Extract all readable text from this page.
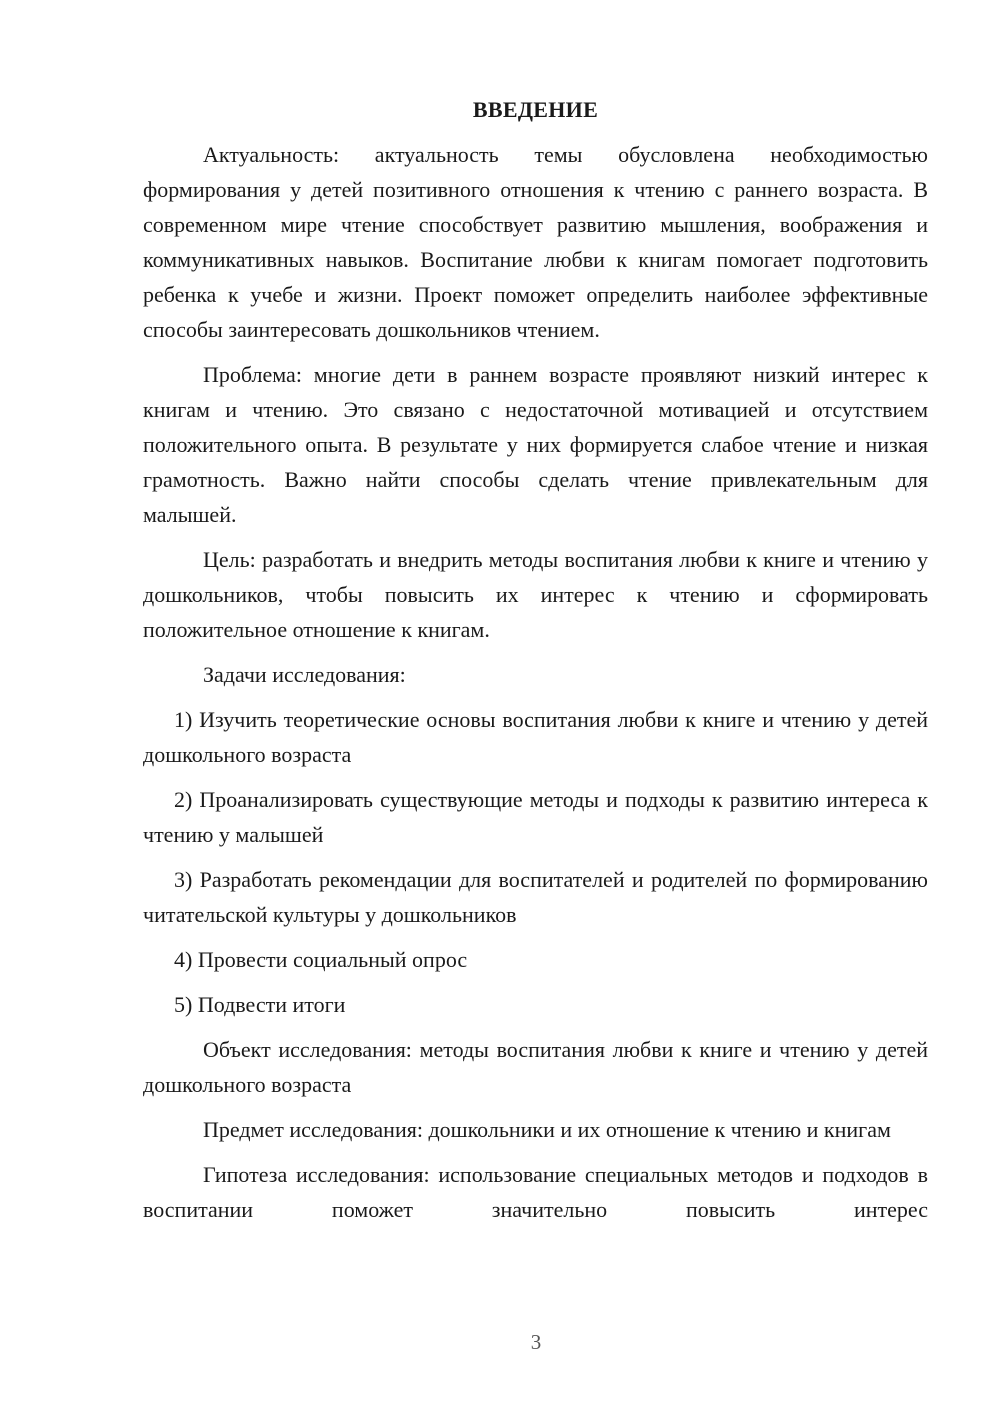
ВВЕДЕНИЕ

Актуальность: актуальность темы обусловлена необходимостью формирования у детей позитивного отношения к чтению с раннего возраста. В современном мире чтение способствует развитию мышления, воображения и коммуникативных навыков. Воспитание любви к книгам помогает подготовить ребенка к учебе и жизни. Проект поможет определить наиболее эффективные способы заинтересовать дошкольников чтением.

Проблема: многие дети в раннем возрасте проявляют низкий интерес к книгам и чтению. Это связано с недостаточной мотивацией и отсутствием положительного опыта. В результате у них формируется слабое чтение и низкая грамотность. Важно найти способы сделать чтение привлекательным для малышей.

Цель: разработать и внедрить методы воспитания любви к книге и чтению у дошкольников, чтобы повысить их интерес к чтению и сформировать положительное отношение к книгам.

Задачи исследования:

1) Изучить теоретические основы воспитания любви к книге и чтению у детей дошкольного возраста

2) Проанализировать существующие методы и подходы к развитию интереса к чтению у малышей

3) Разработать рекомендации для воспитателей и родителей по формированию читательской культуры у дошкольников

4) Провести социальный опрос

5) Подвести итоги

Объект исследования: методы воспитания любви к книге и чтению у детей дошкольного возраста

Предмет исследования: дошкольники и их отношение к чтению и книгам

Гипотеза исследования: использование специальных методов и подходов в воспитании поможет значительно повысить интерес

3
